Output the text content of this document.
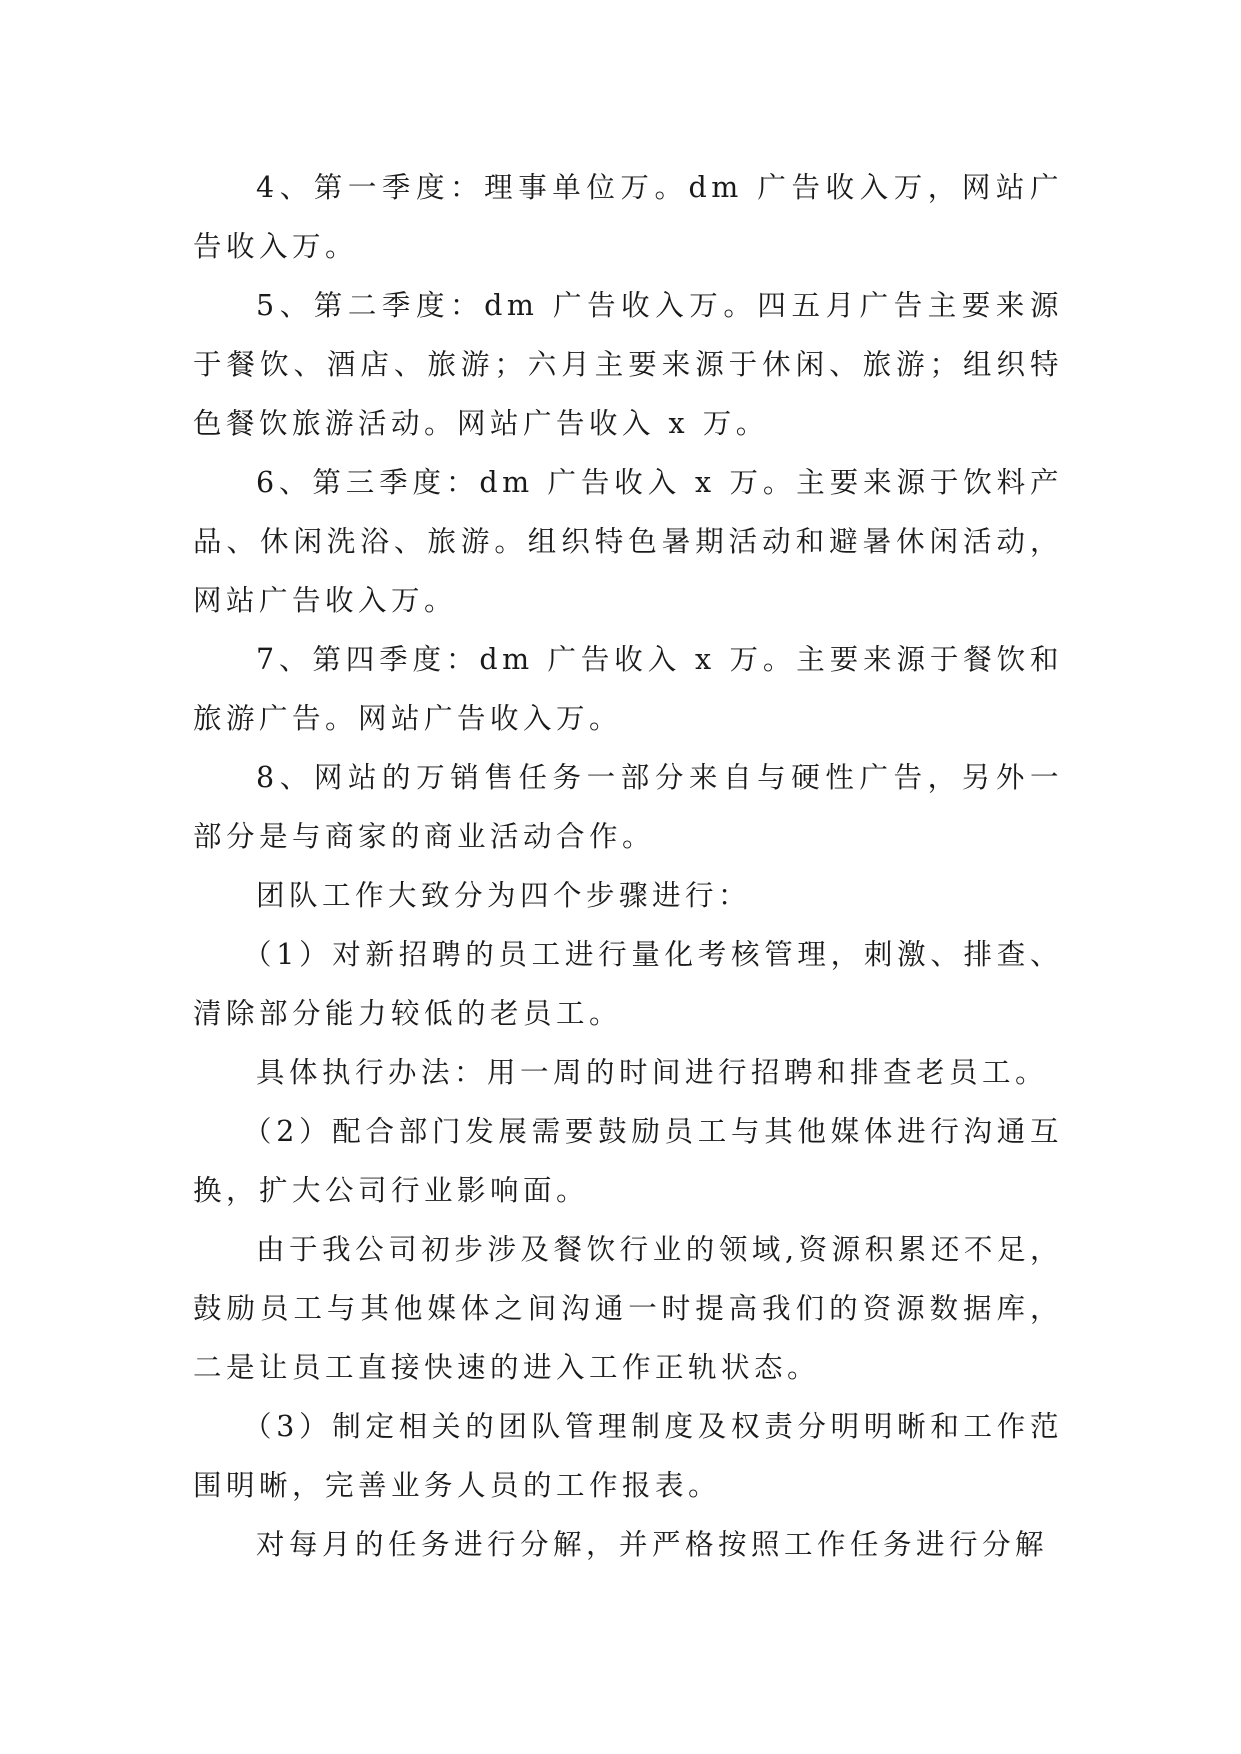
4、第一季度：理事单位万。dm 广告收入万，网站广告收入万。

5、第二季度：dm 广告收入万。四五月广告主要来源于餐饮、酒店、旅游；六月主要来源于休闲、旅游；组织特色餐饮旅游活动。网站广告收入 x 万。

6、第三季度：dm 广告收入 x 万。主要来源于饮料产品、休闲洗浴、旅游。组织特色暑期活动和避暑休闲活动，网站广告收入万。

7、第四季度：dm 广告收入 x 万。主要来源于餐饮和旅游广告。网站广告收入万。

8、网站的万销售任务一部分来自与硬性广告，另外一部分是与商家的商业活动合作。

团队工作大致分为四个步骤进行：

（1）对新招聘的员工进行量化考核管理，刺激、排查、清除部分能力较低的老员工。

具体执行办法：用一周的时间进行招聘和排查老员工。

（2）配合部门发展需要鼓励员工与其他媒体进行沟通互换，扩大公司行业影响面。

由于我公司初步涉及餐饮行业的领域,资源积累还不足，鼓励员工与其他媒体之间沟通一时提高我们的资源数据库，二是让员工直接快速的进入工作正轨状态。

（3）制定相关的团队管理制度及权责分明明晰和工作范围明晰，完善业务人员的工作报表。

对每月的任务进行分解，并严格按照工作任务进行分解
